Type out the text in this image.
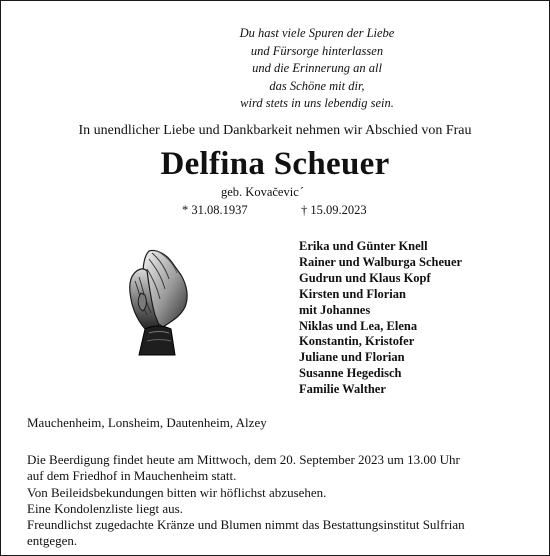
Du hast viele Spuren der Liebe
und Fürsorge hinterlassen
und die Erinnerung an all
das Schöne mit dir,
wird stets in uns lebendig sein.
In unendlicher Liebe und Dankbarkeit nehmen wir Abschied von Frau
Delfina Scheuer
geb. Kovačevic´
* 31.08.1937	† 15.09.2023
Erika und Günter Knell
Rainer und Walburga Scheuer
Gudrun und Klaus Kopf
Kirsten und Florian
mit Johannes
Niklas und Lea, Elena
Konstantin, Kristofer
Juliane und Florian
Susanne Hegedisch
Familie Walther
Mauchenheim, Lonsheim, Dautenheim, Alzey
Die Beerdigung findet heute am Mittwoch, dem 20. September 2023 um 13.00 Uhr
auf dem Friedhof in Mauchenheim statt.
Von Beileidsbekundungen bitten wir höflichst abzusehen.
Eine Kondolenzliste liegt aus.
Freundlichst zugedachte Kränze und Blumen nimmt das Bestattungsinstitut Sulfrian
entgegen.
